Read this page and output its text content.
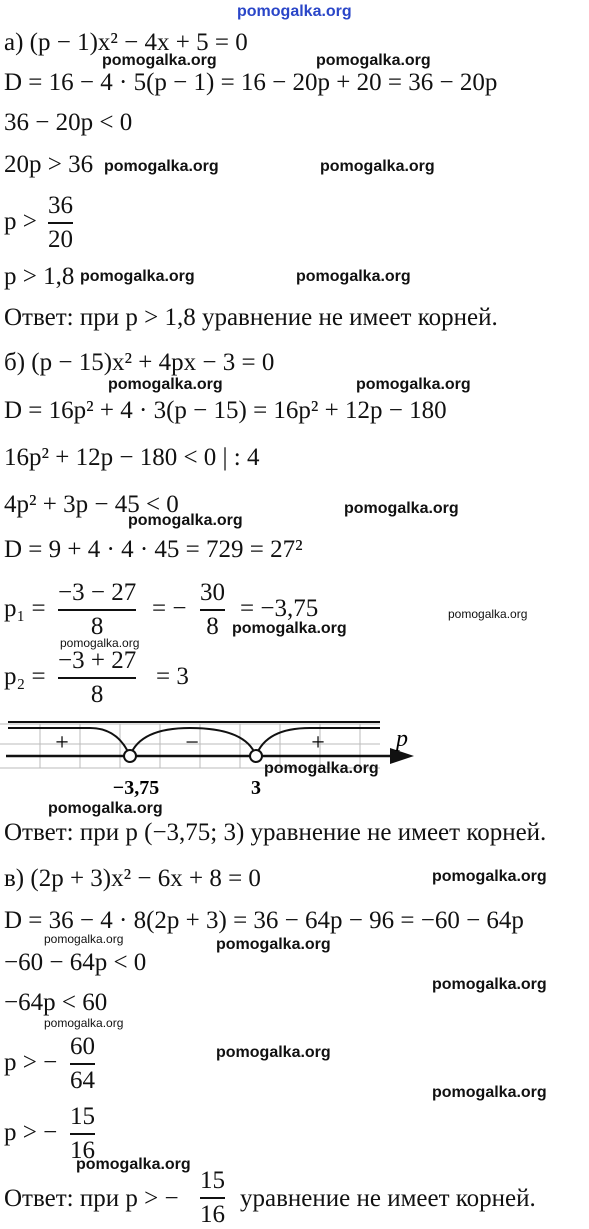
pomogalka.org
а) (p − 1)x² − 4x + 5 = 0
pomogalka.org	pomogalka.org
D = 16 − 4 · 5(p − 1) = 16 − 20p + 20 = 36 − 20p
36 − 20p < 0
20p > 36 pomogalka.org	pomogalka.org
p >
36
20
p > 1,8 pomogalka.org	pomogalka.org
Ответ: при p > 1,8 уравнение не имеет корней.
б) (p − 15)x² + 4px − 3 = 0
pomogalka.org	pomogalka.org
D = 16p² + 4 · 3(p − 15) = 16p² + 12p − 180
16p² + 12p − 180 < 0 | : 4
4p² + 3p − 45 < 0	pomogalka.org
pomogalka.org
D = 9 + 4 · 4 · 45 = 729 = 27²
p₁ =
−3 − 27
8
= −
30
8
= −3,75	pomogalka.org
pomogalka.org
pomogalka.org
p₂ =
−3 + 27
8
= 3
+	−	+	p
−3,75	3
pomogalka.org
pomogalka.org
Ответ: при p (−3,75; 3) уравнение не имеет корней.
в) (2p + 3)x² − 6x + 8 = 0	pomogalka.org
D = 36 − 4 · 8(2p + 3) = 36 − 64p − 96 = −60 − 64p
pomogalka.org	pomogalka.org
−60 − 64p < 0
pomogalka.org
−64p < 60
pomogalka.org
p > −
60
64
pomogalka.org
pomogalka.org
p > −
15
16
pomogalka.org
Ответ: при p > −
15
16
уравнение не имеет корней.
